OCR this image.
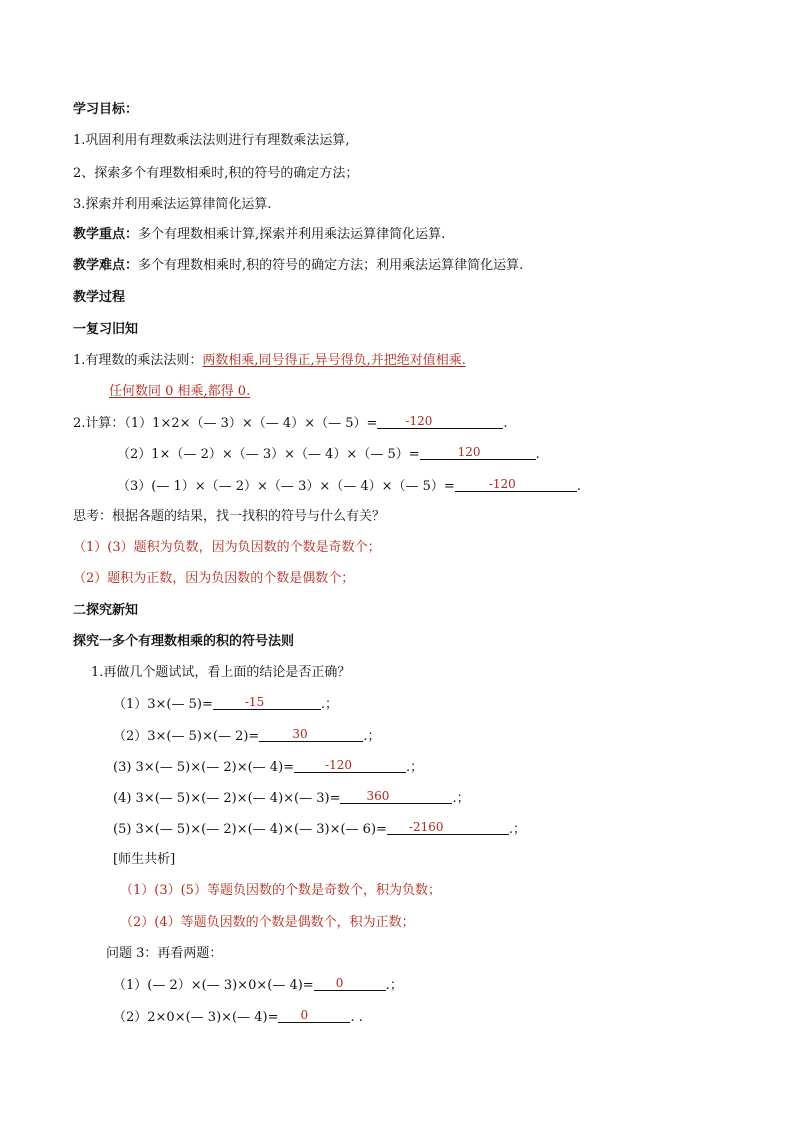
学习目标：
1.巩固利用有理数乘法法则进行有理数乘法运算,
2、探索多个有理数相乘时,积的符号的确定方法；
3.探索并利用乘法运算律简化运算.
教学重点：多个有理数相乘计算,探索并利用乘法运算律简化运算.
教学难点：多个有理数相乘时,积的符号的确定方法；利用乘法运算律简化运算.
教学过程
一复习旧知
1.有理数的乘法法则：两数相乘,同号得正,异号得负,并把绝对值相乘.
任何数同 0 相乘,都得 0.
2.计算：（1）1×2×（— 3）×（— 4）×（— 5）= -120	.
（2）1×（— 2）×（— 3）×（— 4）×（— 5）=	120	.
（3）(— 1）×（— 2）×（— 3）×（— 4）×（— 5）=	-120	.
思考：根据各题的结果，找一找积的符号与什么有关？
（1）(3）题积为负数，因为负因数的个数是奇数个；
（2）题积为正数，因为负因数的个数是偶数个；
二探究新知
探究一多个有理数相乘的积的符号法则
1.再做几个题试试，看上面的结论是否正确？
（1）3×(— 5)=	-15	.；
（2）3×(— 5)×(— 2)=	30	.；
(3) 3×(— 5)×(— 2)×(— 4)=	-120	.；
(4) 3×(— 5)×(— 2)×(— 4)×(— 3)= 360	.；
(5) 3×(— 5)×(— 2)×(— 4)×(— 3)×(— 6)= -2160	.；
[师生共析]
（1）(3）(5）等题负因数的个数是奇数个，积为负数；
（2）(4）等题负因数的个数是偶数个，积为正数；
问题 3：再看两题：
（1）(— 2）×(— 3)×0×(— 4)= 0	.；
（2）2×0×(— 3)×(— 4)= 0	. .
